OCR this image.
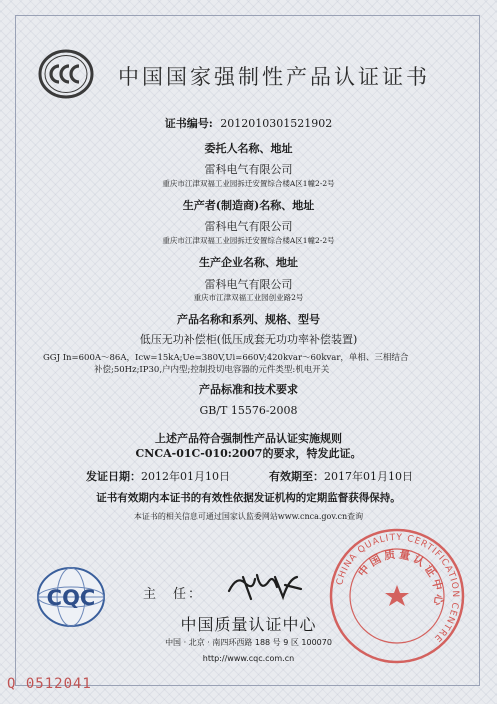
中国国家强制性产品认证证书
证书编号: 2012010301521902
委托人名称、地址
雷科电气有限公司
重庆市江津双福工业园拆迁安置综合楼A区1幢2-2号
生产者(制造商)名称、地址
雷科电气有限公司
重庆市江津双福工业园拆迁安置综合楼A区1幢2-2号
生产企业名称、地址
雷科电气有限公司
重庆市江津双福工业园创业路2号
产品名称和系列、规格、型号
低压无功补偿柜(低压成套无功功率补偿装置)
GGJ In=600A～86A，Icw=15kA;Ue=380V,Ui=660V;420kvar～60kvar，单相、三相结合
补偿;50Hz;IP30,户内型;控制投切电容器的元件类型:机电开关
产品标准和技术要求
GB/T 15576-2008
上述产品符合强制性产品认证实施规则
CNCA-01C-010:2007的要求，特发此证。
发证日期：2012年01月10日	有效期至：2017年01月10日
证书有效期内本证书的有效性依据发证机构的定期监督获得保持。
本证书的相关信息可通过国家认监委网站www.cnca.gov.cn查询
CQC	主　任：
中国质量认证中心
中国 · 北京 · 南四环西路 188 号 9 区 100070
http://www.cqc.com.cn
CHINA QUALITY CERTIFICATION CENTRE
中国质量认证中心
Q 0512041
